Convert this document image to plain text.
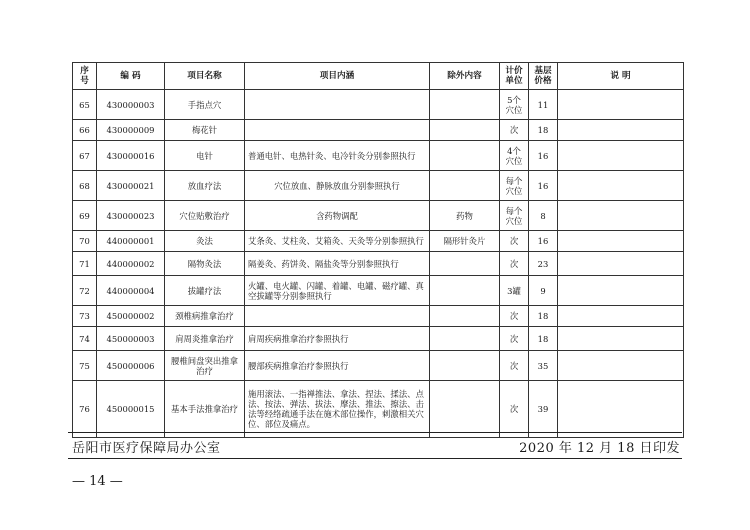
序号	编 码	项目名称	项目内涵	除外内容	计价单位	基层价格	说 明
65	430000003	手指点穴			5个穴位	11	
66	430000009	梅花针			次	18	
67	430000016	电针	普通电针、电热针灸、电冷针灸分别参照执行		4个穴位	16	
68	430000021	放血疗法	穴位放血、静脉放血分别参照执行		每个穴位	16	
69	430000023	穴位贴敷治疗	含药物调配	药物	每个穴位	8	
70	440000001	灸法	艾条灸、艾柱灸、艾箱灸、天灸等分别参照执行	隔形针灸片	次	16	
71	440000002	隔物灸法	隔姜灸、药饼灸、隔盐灸等分别参照执行		次	23	
72	440000004	拔罐疗法	火罐、电火罐、闪罐、着罐、电罐、磁疗罐、真空拔罐等分别参照执行		3罐	9	
73	450000002	颈椎病推拿治疗			次	18	
74	450000003	肩周炎推拿治疗	肩周疾病推拿治疗参照执行		次	18	
75	450000006	腰椎间盘突出推拿治疗	腰部疾病推拿治疗参照执行		次	35	
76	450000015	基本手法推拿治疗	施用滚法、一指禅推法、拿法、捏法、揉法、点法、按法、弹法、拔法、摩法、推法、擦法、击法等经络疏通手法在施术部位操作，刺激相关穴位、部位及痛点。		次	39	
岳阳市医疗保障局办公室	2020 年 12 月 18 日印发
— 14 —
